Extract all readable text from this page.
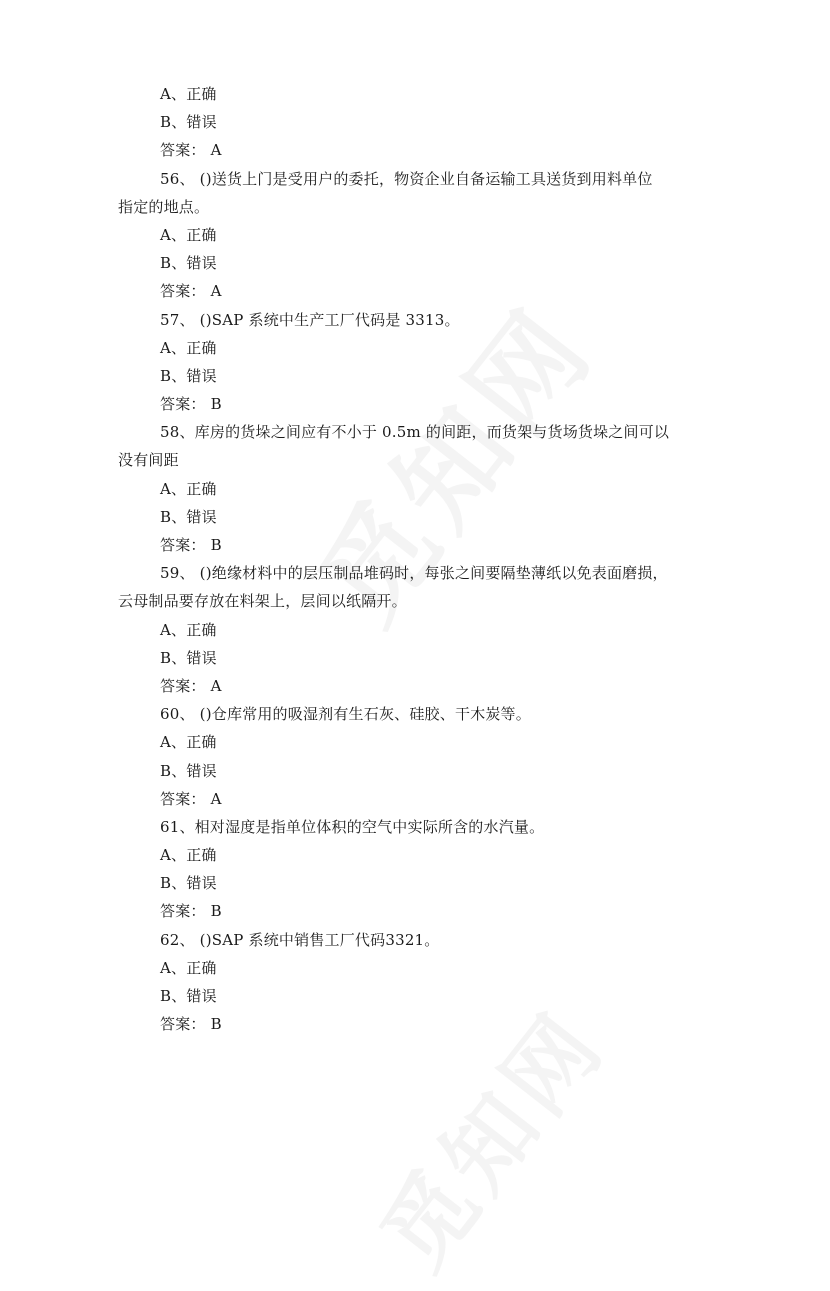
A、正确
B、错误
答案： A
56、 ()送货上门是受用户的委托，物资企业自备运输工具送货到用料单位
指定的地点。
A、正确
B、错误
答案： A
57、 ()SAP 系统中生产工厂代码是 3313。
A、正确
B、错误
答案： B
58、库房的货垛之间应有不小于 0.5m 的间距，而货架与货场货垛之间可以
没有间距
A、正确
B、错误
答案： B
59、 ()绝缘材料中的层压制品堆码时，每张之间要隔垫薄纸以免表面磨损，
云母制品要存放在料架上，层间以纸隔开。
A、正确
B、错误
答案： A
60、 ()仓库常用的吸湿剂有生石灰、硅胶、干木炭等。
A、正确
B、错误
答案： A
61、相对湿度是指单位体积的空气中实际所含的水汽量。
A、正确
B、错误
答案： B
62、 ()SAP 系统中销售工厂代码3321。
A、正确
B、错误
答案： B
